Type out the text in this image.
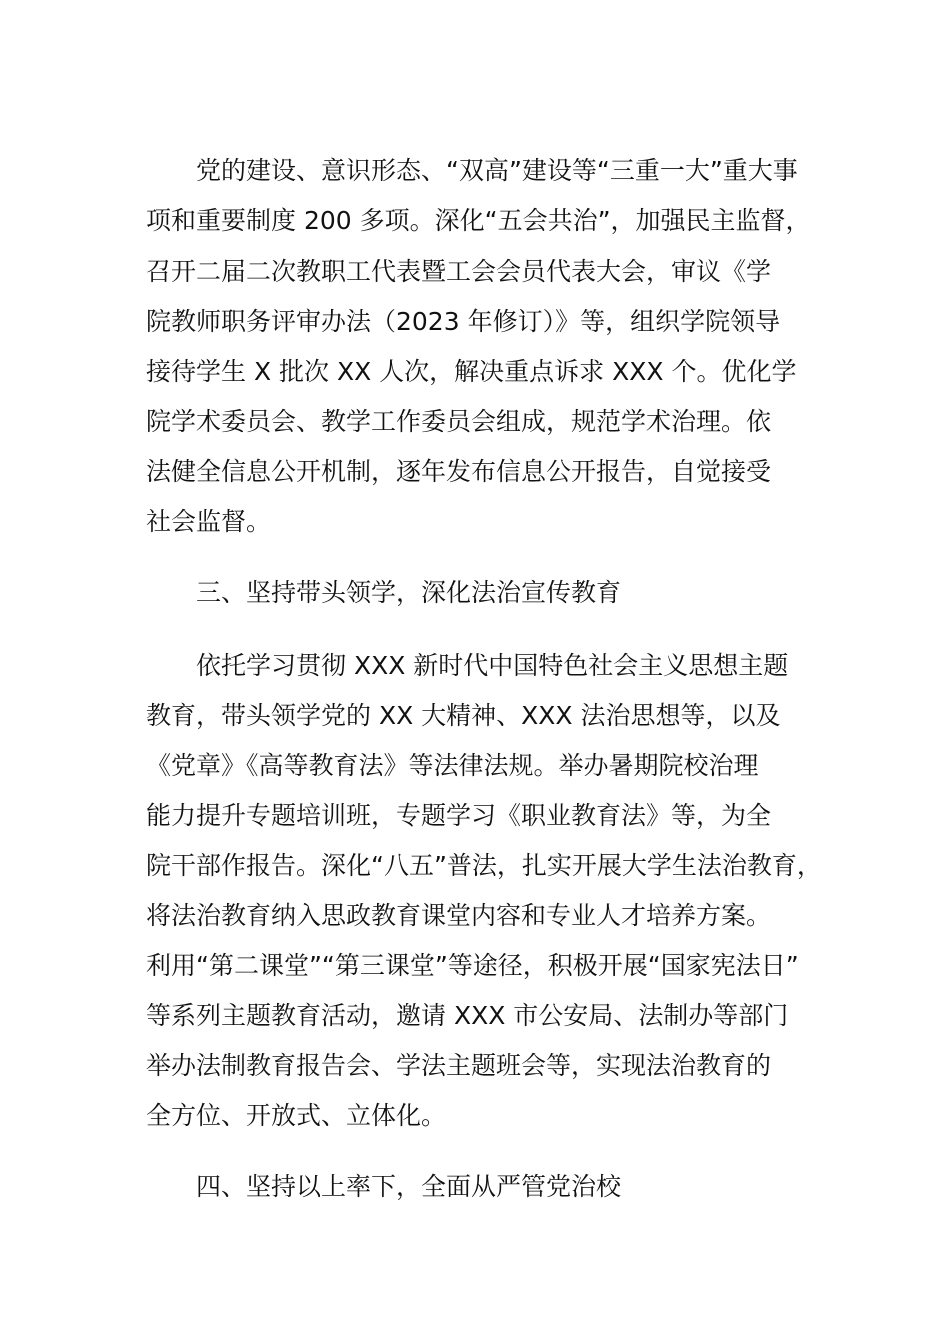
党的建设、意识形态、“双高”建设等“三重一大”重大事
项和重要制度 200 多项。深化“五会共治”，加强民主监督，
召开二届二次教职工代表暨工会会员代表大会，审议《学
院教师职务评审办法（2023 年修订）》等，组织学院领导
接待学生 X 批次 XX 人次，解决重点诉求 XXX 个。优化学
院学术委员会、教学工作委员会组成，规范学术治理。依
法健全信息公开机制，逐年发布信息公开报告，自觉接受
社会监督。
三、坚持带头领学，深化法治宣传教育
依托学习贯彻 XXX 新时代中国特色社会主义思想主题
教育，带头领学党的 XX 大精神、XXX 法治思想等，以及
《党章》《高等教育法》等法律法规。举办暑期院校治理
能力提升专题培训班，专题学习《职业教育法》等，为全
院干部作报告。深化“八五”普法，扎实开展大学生法治教育，
将法治教育纳入思政教育课堂内容和专业人才培养方案。
利用“第二课堂”“第三课堂”等途径，积极开展“国家宪法日”
等系列主题教育活动，邀请 XXX 市公安局、法制办等部门
举办法制教育报告会、学法主题班会等，实现法治教育的
全方位、开放式、立体化。
四、坚持以上率下，全面从严管党治校
